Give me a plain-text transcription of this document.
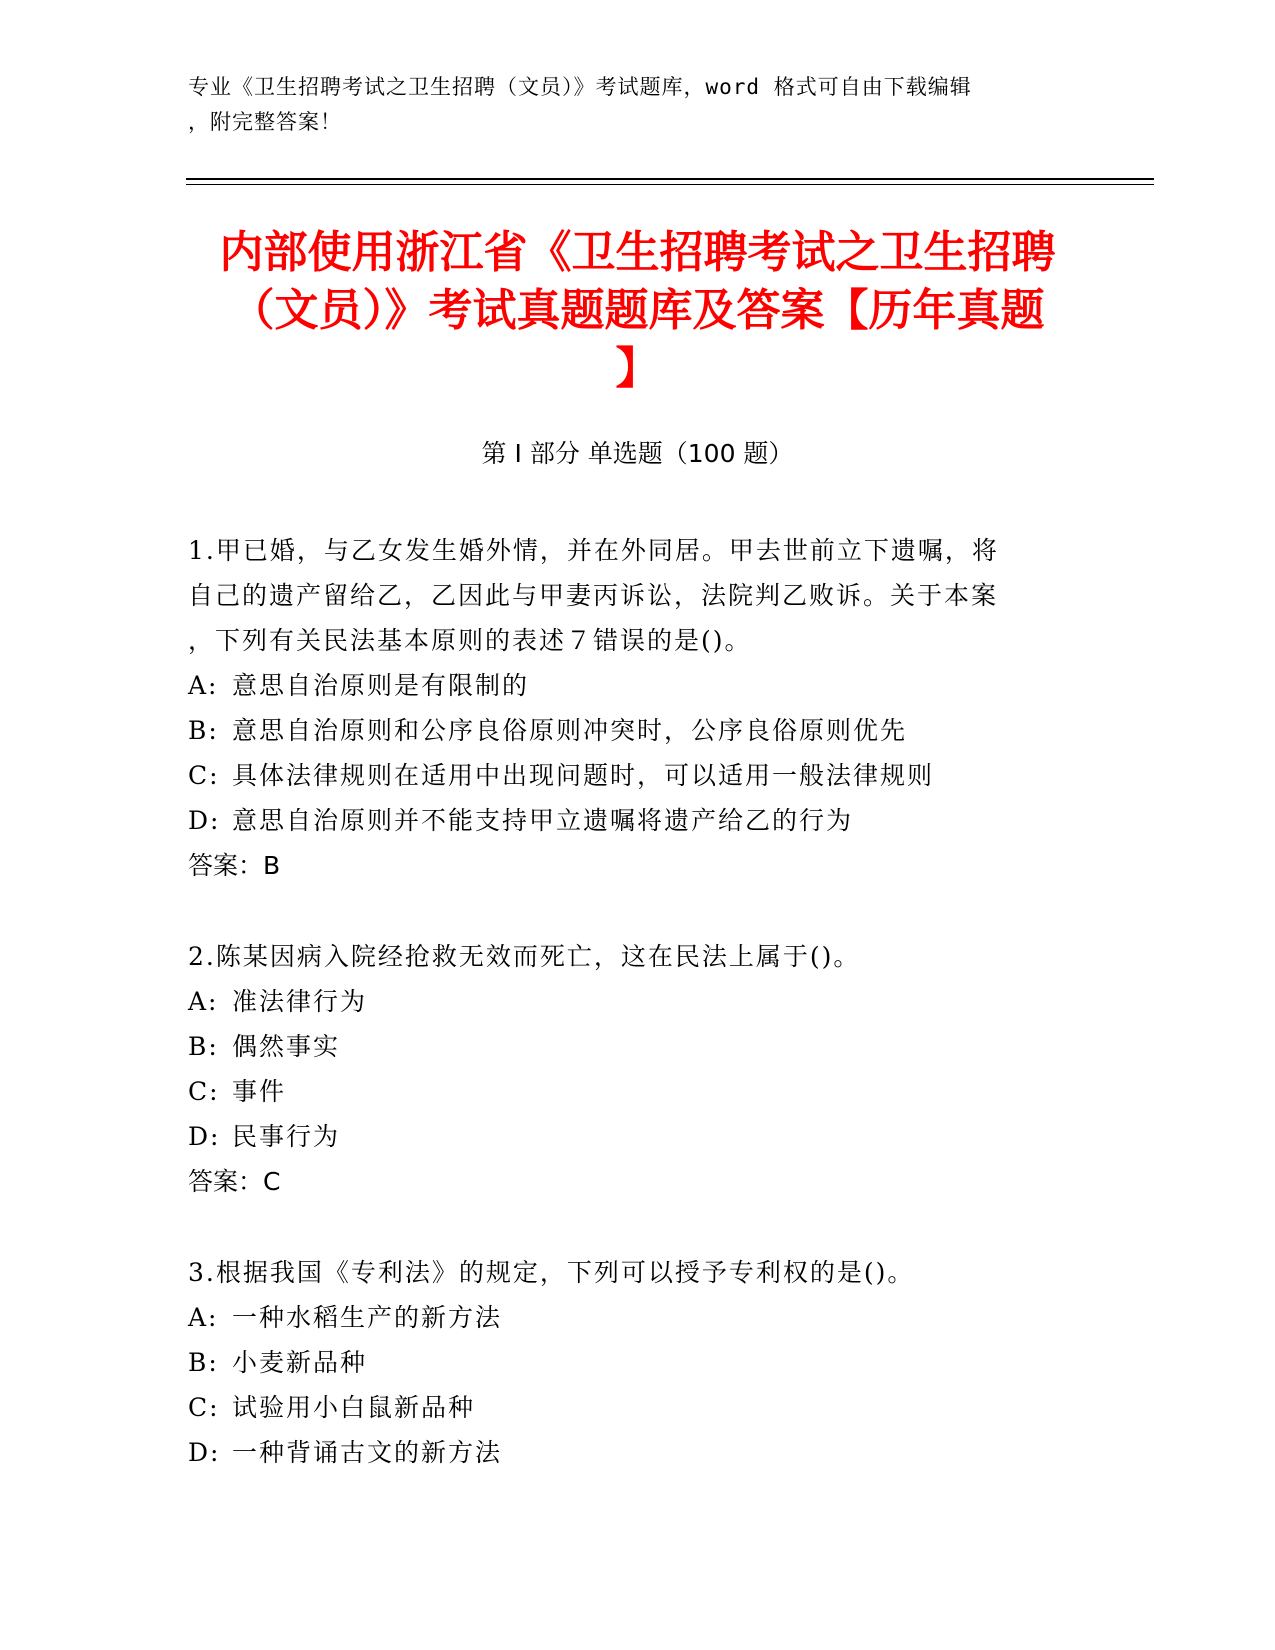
专业《卫生招聘考试之卫生招聘（文员）》考试题库，word 格式可自由下载编辑
，附完整答案！
内部使用浙江省《卫生招聘考试之卫生招聘
（文员）》考试真题题库及答案【历年真题
】
第 I 部分 单选题（100 题）
1.甲已婚，与乙女发生婚外情，并在外同居。甲去世前立下遗嘱，将
自己的遗产留给乙，乙因此与甲妻丙诉讼，法院判乙败诉。关于本案
，下列有关民法基本原则的表述７错误的是()。
A: 意思自治原则是有限制的
B: 意思自治原则和公序良俗原则冲突时，公序良俗原则优先
C: 具体法律规则在适用中出现问题时，可以适用一般法律规则
D: 意思自治原则并不能支持甲立遗嘱将遗产给乙的行为
答案：B
2.陈某因病入院经抢救无效而死亡，这在民法上属于()。
A: 准法律行为
B: 偶然事实
C: 事件
D: 民事行为
答案：C
3.根据我国《专利法》的规定，下列可以授予专利权的是()。
A: 一种水稻生产的新方法
B: 小麦新品种
C: 试验用小白鼠新品种
D: 一种背诵古文的新方法
